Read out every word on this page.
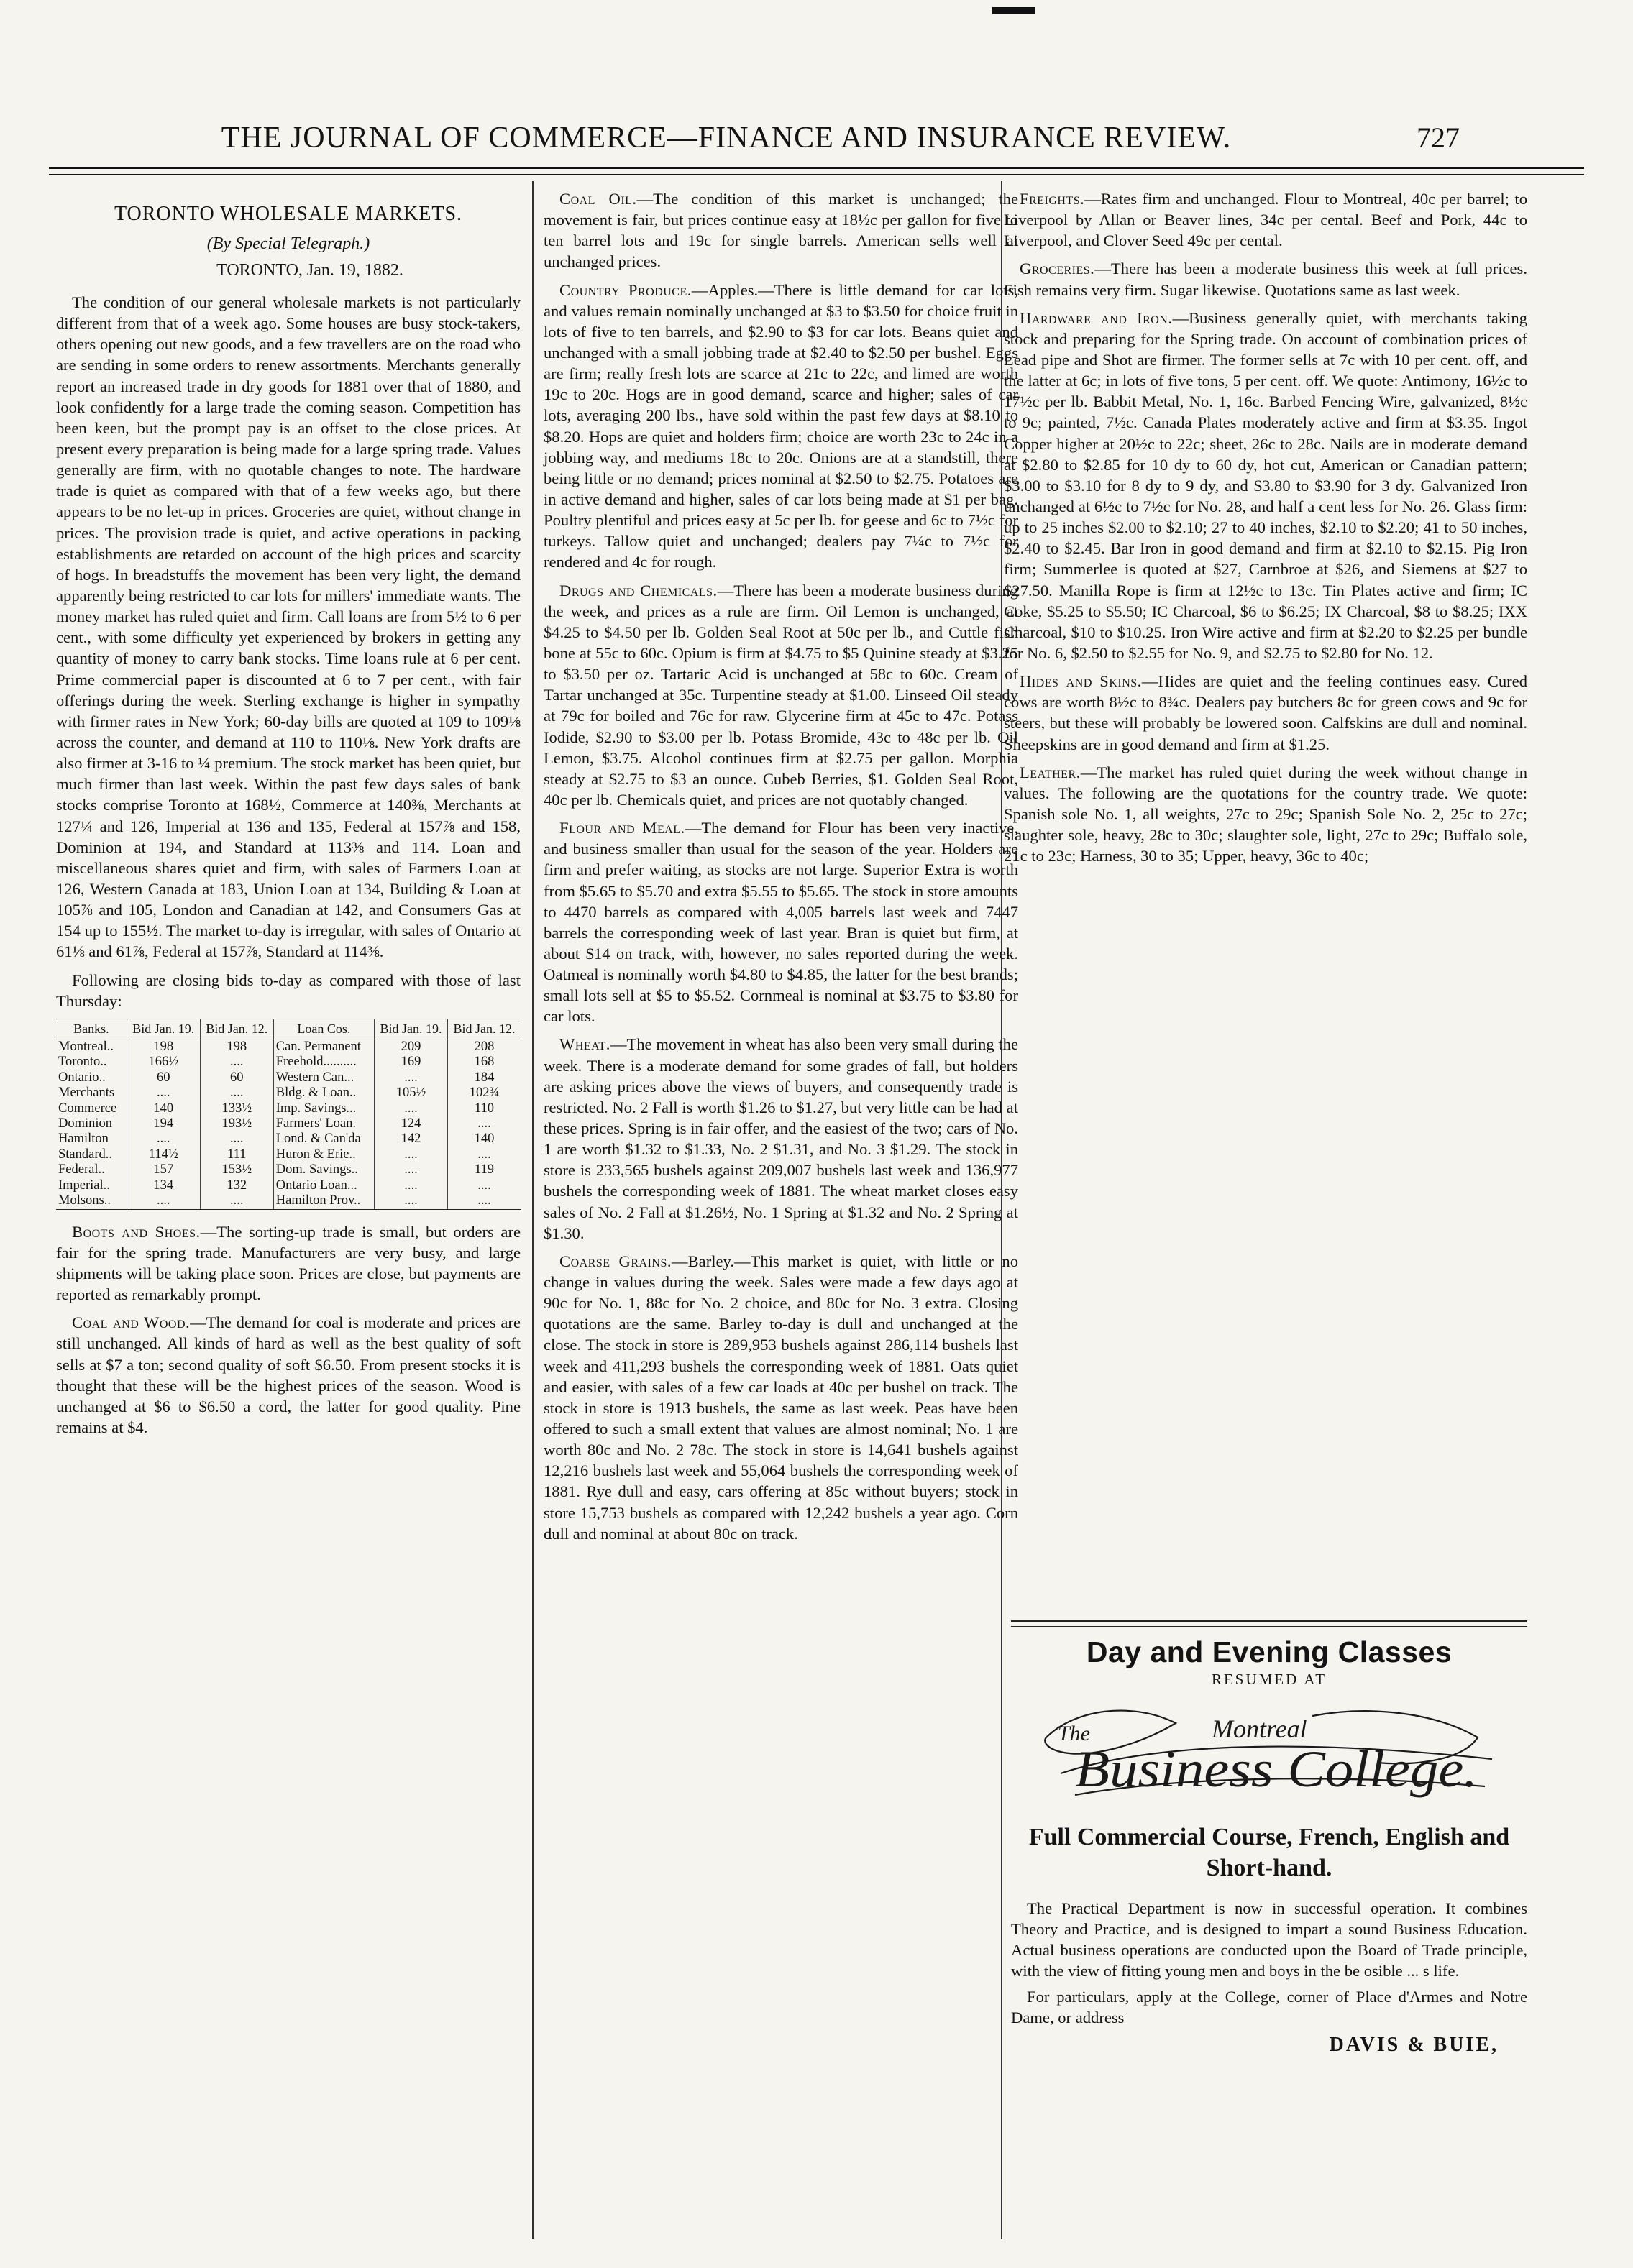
THE JOURNAL OF COMMERCE—FINANCE AND INSURANCE REVIEW.	727
TORONTO WHOLESALE MARKETS.
(By Special Telegraph.)
TORONTO, Jan. 19, 1882.

The condition of our general wholesale markets is not particularly different from that of a week ago. Some houses are busy stock-takers, others opening out new goods, and a few travellers are on the road who are sending in some orders to renew assortments. Merchants generally report an increased trade in dry goods for 1881 over that of 1880, and look confidently for a large trade the coming season. Competition has been keen, but the prompt pay is an offset to the close prices. At present every preparation is being made for a large spring trade. Values generally are firm, with no quotable changes to note. The hardware trade is quiet as compared with that of a few weeks ago, but there appears to be no let-up in prices. Groceries are quiet, without change in prices. The provision trade is quiet, and active operations in packing establishments are retarded on account of the high prices and scarcity of hogs. In breadstuffs the movement has been very light, the demand apparently being restricted to car lots for millers' immediate wants. The money market has ruled quiet and firm. Call loans are from 5½ to 6 per cent., with some difficulty yet experienced by brokers in getting any quantity of money to carry bank stocks. Time loans rule at 6 per cent. Prime commercial paper is discounted at 6 to 7 per cent., with fair offerings during the week. Sterling exchange is higher in sympathy with firmer rates in New York; 60-day bills are quoted at 109 to 109⅛ across the counter, and demand at 110 to 110⅛. New York drafts are also firmer at 3-16 to ¼ premium. The stock market has been quiet, but much firmer than last week. Within the past few days sales of bank stocks comprise Toronto at 168½, Commerce at 140⅜, Merchants at 127¼ and 126, Imperial at 136 and 135, Federal at 157⅞ and 158, Dominion at 194, and Standard at 113⅜ and 114. Loan and miscellaneous shares quiet and firm, with sales of Farmers Loan at 126, Western Canada at 183, Union Loan at 134, Building & Loan at 105⅞ and 105, London and Canadian at 142, and Consumers Gas at 154 up to 155½. The market to-day is irregular, with sales of Ontario at 61⅛ and 61⅞, Federal at 157⅞, Standard at 114⅜.

Following are closing bids to-day as compared with those of last Thursday:

Banks.	Bid Jan. 19.	Bid Jan. 12.	Loan Cos.	Bid Jan. 19.	Bid Jan. 12.
Montreal..	198	198	Can. Permanent	209	208
Toronto..	166½	....	Freehold..........	169	168
Ontario..	60	60	Western Can...	....	184
Merchants	....	....	Bldg. & Loan..	105½	102¾
Commerce	140	133½	Imp. Savings...	....	110
Dominion	194	193½	Farmers' Loan.	124	....
Hamilton	....	....	Lond. & Can'da	142	140
Standard..	114½	111	Huron & Erie..	....	....
Federal..	157	153½	Dom. Savings..	....	119
Imperial..	134	132	Ontario Loan...	....	....
Molsons..	....	....	Hamilton Prov..	....	....

Boots and Shoes.—The sorting-up trade is small, but orders are fair for the spring trade. Manufacturers are very busy, and large shipments will be taking place soon. Prices are close, but payments are reported as remarkably prompt.

Coal and Wood.—The demand for coal is moderate and prices are still unchanged. All kinds of hard as well as the best quality of soft sells at $7 a ton; second quality of soft $6.50. From present stocks it is thought that these will be the highest prices of the season. Wood is unchanged at $6 to $6.50 a cord, the latter for good quality. Pine remains at $4.

Coal Oil.—The condition of this market is unchanged; the movement is fair, but prices continue easy at 18½c per gallon for five to ten barrel lots and 19c for single barrels. American sells well at unchanged prices.

Country Produce.—Apples.—There is little demand for car lots, and values remain nominally unchanged at $3 to $3.50 for choice fruit in lots of five to ten barrels, and $2.90 to $3 for car lots. Beans quiet and unchanged with a small jobbing trade at $2.40 to $2.50 per bushel. Eggs are firm; really fresh lots are scarce at 21c to 22c, and limed are worth 19c to 20c. Hogs are in good demand, scarce and higher; sales of car lots, averaging 200 lbs., have sold within the past few days at $8.10 to $8.20. Hops are quiet and holders firm; choice are worth 23c to 24c in a jobbing way, and mediums 18c to 20c. Onions are at a standstill, there being little or no demand; prices nominal at $2.50 to $2.75. Potatoes are in active demand and higher, sales of car lots being made at $1 per bag. Poultry plentiful and prices easy at 5c per lb. for geese and 6c to 7½c for turkeys. Tallow quiet and unchanged; dealers pay 7¼c to 7½c for rendered and 4c for rough.

Drugs and Chemicals.—There has been a moderate business during the week, and prices as a rule are firm. Oil Lemon is unchanged, at $4.25 to $4.50 per lb. Golden Seal Root at 50c per lb., and Cuttle fish bone at 55c to 60c. Opium is firm at $4.75 to $5 Quinine steady at $3.25 to $3.50 per oz. Tartaric Acid is unchanged at 58c to 60c. Cream of Tartar unchanged at 35c. Turpentine steady at $1.00. Linseed Oil steady at 79c for boiled and 76c for raw. Glycerine firm at 45c to 47c. Potass Iodide, $2.90 to $3.00 per lb. Potass Bromide, 43c to 48c per lb. Oil Lemon, $3.75. Alcohol continues firm at $2.75 per gallon. Morphia steady at $2.75 to $3 an ounce. Cubeb Berries, $1. Golden Seal Root, 40c per lb. Chemicals quiet, and prices are not quotably changed.

Flour and Meal.—The demand for Flour has been very inactive, and business smaller than usual for the season of the year. Holders are firm and prefer waiting, as stocks are not large. Superior Extra is worth from $5.65 to $5.70 and extra $5.55 to $5.65. The stock in store amounts to 4470 barrels as compared with 4,005 barrels last week and 7447 barrels the corresponding week of last year. Bran is quiet but firm, at about $14 on track, with, however, no sales reported during the week. Oatmeal is nominally worth $4.80 to $4.85, the latter for the best brands; small lots sell at $5 to $5.52. Cornmeal is nominal at $3.75 to $3.80 for car lots.

Wheat.—The movement in wheat has also been very small during the week. There is a moderate demand for some grades of fall, but holders are asking prices above the views of buyers, and consequently trade is restricted. No. 2 Fall is worth $1.26 to $1.27, but very little can be had at these prices. Spring is in fair offer, and the easiest of the two; cars of No. 1 are worth $1.32 to $1.33, No. 2 $1.31, and No. 3 $1.29. The stock in store is 233,565 bushels against 209,007 bushels last week and 136,977 bushels the corresponding week of 1881. The wheat market closes easy sales of No. 2 Fall at $1.26½, No. 1 Spring at $1.32 and No. 2 Spring at $1.30.

Coarse Grains.—Barley.—This market is quiet, with little or no change in values during the week. Sales were made a few days ago at 90c for No. 1, 88c for No. 2 choice, and 80c for No. 3 extra. Closing quotations are the same. Barley to-day is dull and unchanged at the close. The stock in store is 289,953 bushels against 286,114 bushels last week and 411,293 bushels the corresponding week of 1881. Oats quiet and easier, with sales of a few car loads at 40c per bushel on track. The stock in store is 1913 bushels, the same as last week. Peas have been offered to such a small extent that values are almost nominal; No. 1 are worth 80c and No. 2 78c. The stock in store is 14,641 bushels against 12,216 bushels last week and 55,064 bushels the corresponding week of 1881. Rye dull and easy, cars offering at 85c without buyers; stock in store 15,753 bushels as compared with 12,242 bushels a year ago. Corn dull and nominal at about 80c on track.

Freights.—Rates firm and unchanged. Flour to Montreal, 40c per barrel; to Liverpool by Allan or Beaver lines, 34c per cental. Beef and Pork, 44c to Liverpool, and Clover Seed 49c per cental.

Groceries.—There has been a moderate business this week at full prices. Fish remains very firm. Sugar likewise. Quotations same as last week.

Hardware and Iron.—Business generally quiet, with merchants taking stock and preparing for the Spring trade. On account of combination prices of Lead pipe and Shot are firmer. The former sells at 7c with 10 per cent. off, and the latter at 6c; in lots of five tons, 5 per cent. off. We quote: Antimony, 16½c to 17½c per lb. Babbit Metal, No. 1, 16c. Barbed Fencing Wire, galvanized, 8½c to 9c; painted, 7½c. Canada Plates moderately active and firm at $3.35. Ingot Copper higher at 20½c to 22c; sheet, 26c to 28c. Nails are in moderate demand at $2.80 to $2.85 for 10 dy to 60 dy, hot cut, American or Canadian pattern; $3.00 to $3.10 for 8 dy to 9 dy, and $3.80 to $3.90 for 3 dy. Galvanized Iron unchanged at 6½c to 7½c for No. 28, and half a cent less for No. 26. Glass firm: up to 25 inches $2.00 to $2.10; 27 to 40 inches, $2.10 to $2.20; 41 to 50 inches, $2.40 to $2.45. Bar Iron in good demand and firm at $2.10 to $2.15. Pig Iron firm; Summerlee is quoted at $27, Carnbroe at $26, and Siemens at $27 to $27.50. Manilla Rope is firm at 12½c to 13c. Tin Plates active and firm; IC Coke, $5.25 to $5.50; IC Charcoal, $6 to $6.25; IX Charcoal, $8 to $8.25; IXX Charcoal, $10 to $10.25. Iron Wire active and firm at $2.20 to $2.25 per bundle for No. 6, $2.50 to $2.55 for No. 9, and $2.75 to $2.80 for No. 12.

Hides and Skins.—Hides are quiet and the feeling continues easy. Cured cows are worth 8½c to 8¾c. Dealers pay butchers 8c for green cows and 9c for steers, but these will probably be lowered soon. Calfskins are dull and nominal. Sheepskins are in good demand and firm at $1.25.

Leather.—The market has ruled quiet during the week without change in values. The following are the quotations for the country trade. We quote: Spanish sole No. 1, all weights, 27c to 29c; Spanish Sole No. 2, 25c to 27c; slaughter sole, heavy, 28c to 30c; slaughter sole, light, 27c to 29c; Buffalo sole, 21c to 23c; Harness, 30 to 35; Upper, heavy, 36c to 40c;

Day and Evening Classes
RESUMED AT
The	Montreal
Business College.
Full Commercial Course, French, English and Short-hand.

The Practical Department is now in successful operation. It combines Theory and Practice, and is designed to impart a sound Business Education. Actual business operations are conducted upon the Board of Trade principle, with the view of fitting young men and boys in the be osible ... s life.

For particulars, apply at the College, corner of Place d'Armes and Notre Dame, or address

DAVIS & BUIE,
